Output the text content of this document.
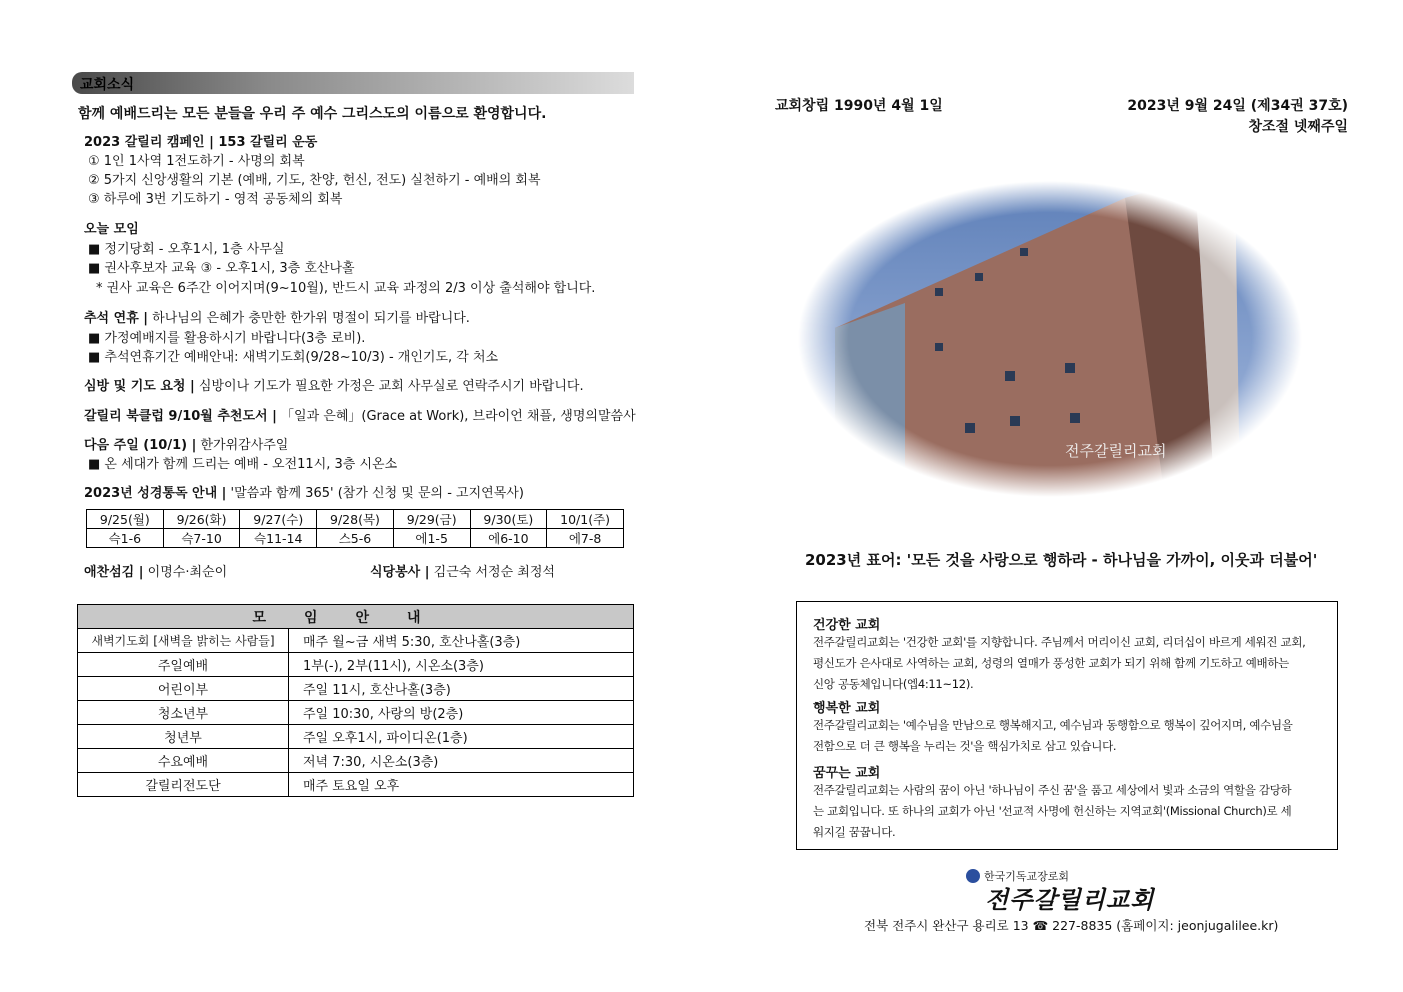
교회소식
함께 예배드리는 모든 분들을 우리 주 예수 그리스도의 이름으로 환영합니다.
2023 갈릴리 캠페인 | 153 갈릴리 운동
① 1인 1사역 1전도하기 - 사명의 회복
② 5가지 신앙생활의 기본 (예배, 기도, 찬양, 헌신, 전도) 실천하기 - 예배의 회복
③ 하루에 3번 기도하기 - 영적 공동체의 회복
오늘 모임
■ 정기당회 - 오후1시, 1층 사무실
■ 권사후보자 교육 ③ - 오후1시, 3층 호산나홀
* 권사 교육은 6주간 이어지며(9~10월), 반드시 교육 과정의 2/3 이상 출석해야 합니다.
추석 연휴 | 하나님의 은혜가 충만한 한가위 명절이 되기를 바랍니다.
■ 가정예배지를 활용하시기 바랍니다(3층 로비).
■ 추석연휴기간 예배안내: 새벽기도회(9/28~10/3) - 개인기도, 각 처소
심방 및 기도 요청 | 심방이나 기도가 필요한 가정은 교회 사무실로 연락주시기 바랍니다.
갈릴리 북클럽 9/10월 추천도서 | 「일과 은혜」(Grace at Work), 브라이언 채플, 생명의말씀사
다음 주일 (10/1) | 한가위감사주일
■ 온 세대가 함께 드리는 예배 - 오전11시, 3층 시온소
2023년 성경통독 안내 | '말씀과 함께 365' (참가 신청 및 문의 - 고지연목사)
9/25(월)	9/26(화)	9/27(수)	9/28(목)	9/29(금)	9/30(토)	10/1(주)
슥1-6	슥7-10	슥11-14	스5-6	에1-5	에6-10	에7-8
애찬섬김 | 이명수·최순이	식당봉사 | 김근숙 서정순 최정석
모임안내	
새벽기도회 [새벽을 밝히는 사람들]	매주 월~금 새벽 5:30, 호산나홀(3층)
주일예배	1부(-), 2부(11시), 시온소(3층)
어린이부	주일 11시, 호산나홀(3층)
청소년부	주일 10:30, 사랑의 방(2층)
청년부	주일 오후1시, 파이디온(1층)
수요예배	저녁 7:30, 시온소(3층)
갈릴리전도단	매주 토요일 오후
교회창립 1990년 4월 1일	2023년 9월 24일 (제34권 37호)
창조절 넷째주일
전주갈릴리교회
2023년 표어: '모든 것을 사랑으로 행하라 - 하나님을 가까이, 이웃과 더불어'
건강한 교회
전주갈릴리교회는 '건강한 교회'를 지향합니다. 주님께서 머리이신 교회, 리더십이 바르게 세워진 교회,
평신도가 은사대로 사역하는 교회, 성령의 열매가 풍성한 교회가 되기 위해 함께 기도하고 예배하는
신앙 공동체입니다(엡4:11~12).
행복한 교회
전주갈릴리교회는 '예수님을 만남으로 행복해지고, 예수님과 동행함으로 행복이 깊어지며, 예수님을
전함으로 더 큰 행복을 누리는 것'을 핵심가치로 삼고 있습니다.
꿈꾸는 교회
전주갈릴리교회는 사람의 꿈이 아닌 '하나님이 주신 꿈'을 품고 세상에서 빛과 소금의 역할을 감당하
는 교회입니다. 또 하나의 교회가 아닌 '선교적 사명에 헌신하는 지역교회'(Missional Church)로 세
워지길 꿈꿉니다.
한국기독교장로회
전주갈릴리교회
전북 전주시 완산구 용리로 13 ☎ 227-8835 (홈페이지: jeonjugalilee.kr)
